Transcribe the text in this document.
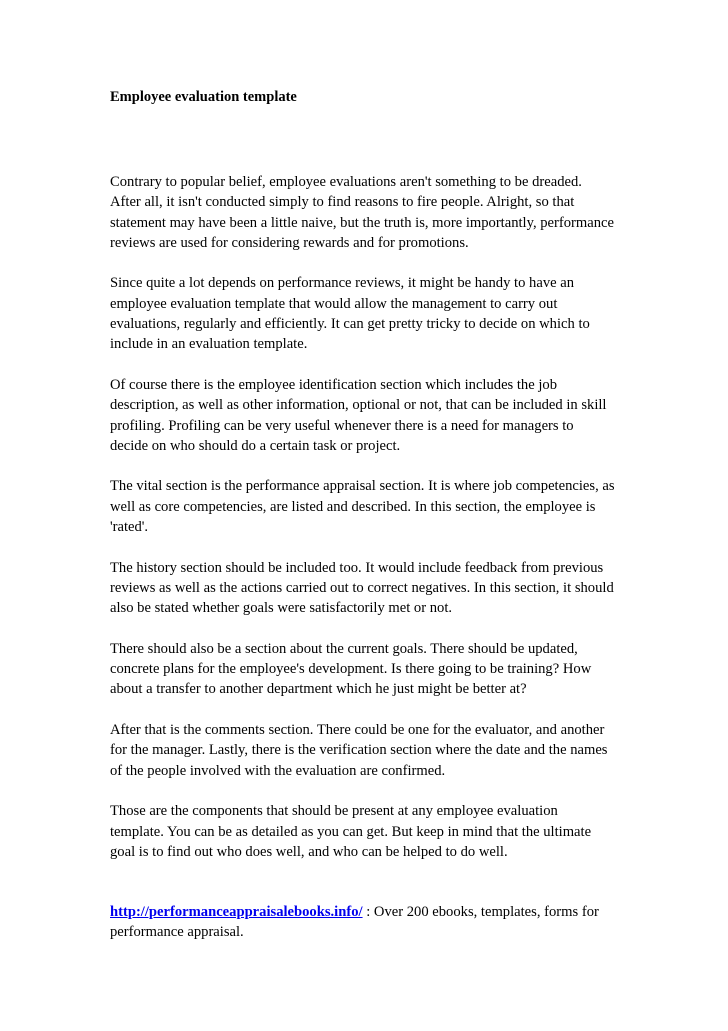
Employee evaluation template

Contrary to popular belief, employee evaluations aren't something to be dreaded.
After all, it isn't conducted simply to find reasons to fire people. Alright, so that
statement may have been a little naive, but the truth is, more importantly, performance
reviews are used for considering rewards and for promotions.

Since quite a lot depends on performance reviews, it might be handy to have an
employee evaluation template that would allow the management to carry out
evaluations, regularly and efficiently. It can get pretty tricky to decide on which to
include in an evaluation template.

Of course there is the employee identification section which includes the job
description, as well as other information, optional or not, that can be included in skill
profiling. Profiling can be very useful whenever there is a need for managers to
decide on who should do a certain task or project.

The vital section is the performance appraisal section. It is where job competencies, as
well as core competencies, are listed and described. In this section, the employee is
'rated'.

The history section should be included too. It would include feedback from previous
reviews as well as the actions carried out to correct negatives. In this section, it should
also be stated whether goals were satisfactorily met or not.

There should also be a section about the current goals. There should be updated,
concrete plans for the employee's development. Is there going to be training? How
about a transfer to another department which he just might be better at?

After that is the comments section. There could be one for the evaluator, and another
for the manager. Lastly, there is the verification section where the date and the names
of the people involved with the evaluation are confirmed.

Those are the components that should be present at any employee evaluation
template. You can be as detailed as you can get. But keep in mind that the ultimate
goal is to find out who does well, and who can be helped to do well.

http://performanceappraisalebooks.info/ : Over 200 ebooks, templates, forms for
performance appraisal.
